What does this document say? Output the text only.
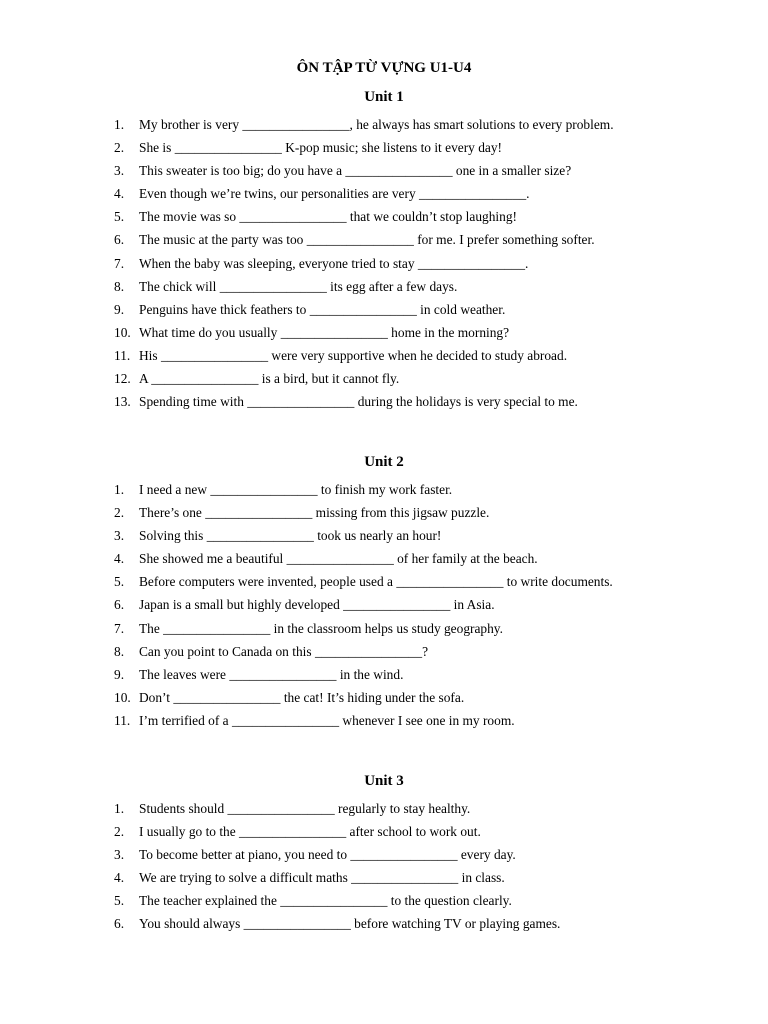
ÔN TẬP TỪ VỰNG U1-U4
Unit 1
1. My brother is very ________________, he always has smart solutions to every problem.
2. She is ________________ K-pop music; she listens to it every day!
3. This sweater is too big; do you have a ________________ one in a smaller size?
4. Even though we’re twins, our personalities are very ________________.
5. The movie was so ________________ that we couldn’t stop laughing!
6. The music at the party was too ________________ for me. I prefer something softer.
7. When the baby was sleeping, everyone tried to stay ________________.
8. The chick will ________________ its egg after a few days.
9. Penguins have thick feathers to ________________ in cold weather.
10. What time do you usually ________________ home in the morning?
11. His ________________ were very supportive when he decided to study abroad.
12. A ________________ is a bird, but it cannot fly.
13. Spending time with ________________ during the holidays is very special to me.
Unit 2
1. I need a new ________________ to finish my work faster.
2. There’s one ________________ missing from this jigsaw puzzle.
3. Solving this ________________ took us nearly an hour!
4. She showed me a beautiful ________________ of her family at the beach.
5. Before computers were invented, people used a ________________ to write documents.
6. Japan is a small but highly developed ________________ in Asia.
7. The ________________ in the classroom helps us study geography.
8. Can you point to Canada on this ________________?
9. The leaves were ________________ in the wind.
10. Don’t ________________ the cat! It’s hiding under the sofa.
11. I’m terrified of a ________________ whenever I see one in my room.
Unit 3
1. Students should ________________ regularly to stay healthy.
2. I usually go to the ________________ after school to work out.
3. To become better at piano, you need to ________________ every day.
4. We are trying to solve a difficult maths ________________ in class.
5. The teacher explained the ________________ to the question clearly.
6. You should always ________________ before watching TV or playing games.
